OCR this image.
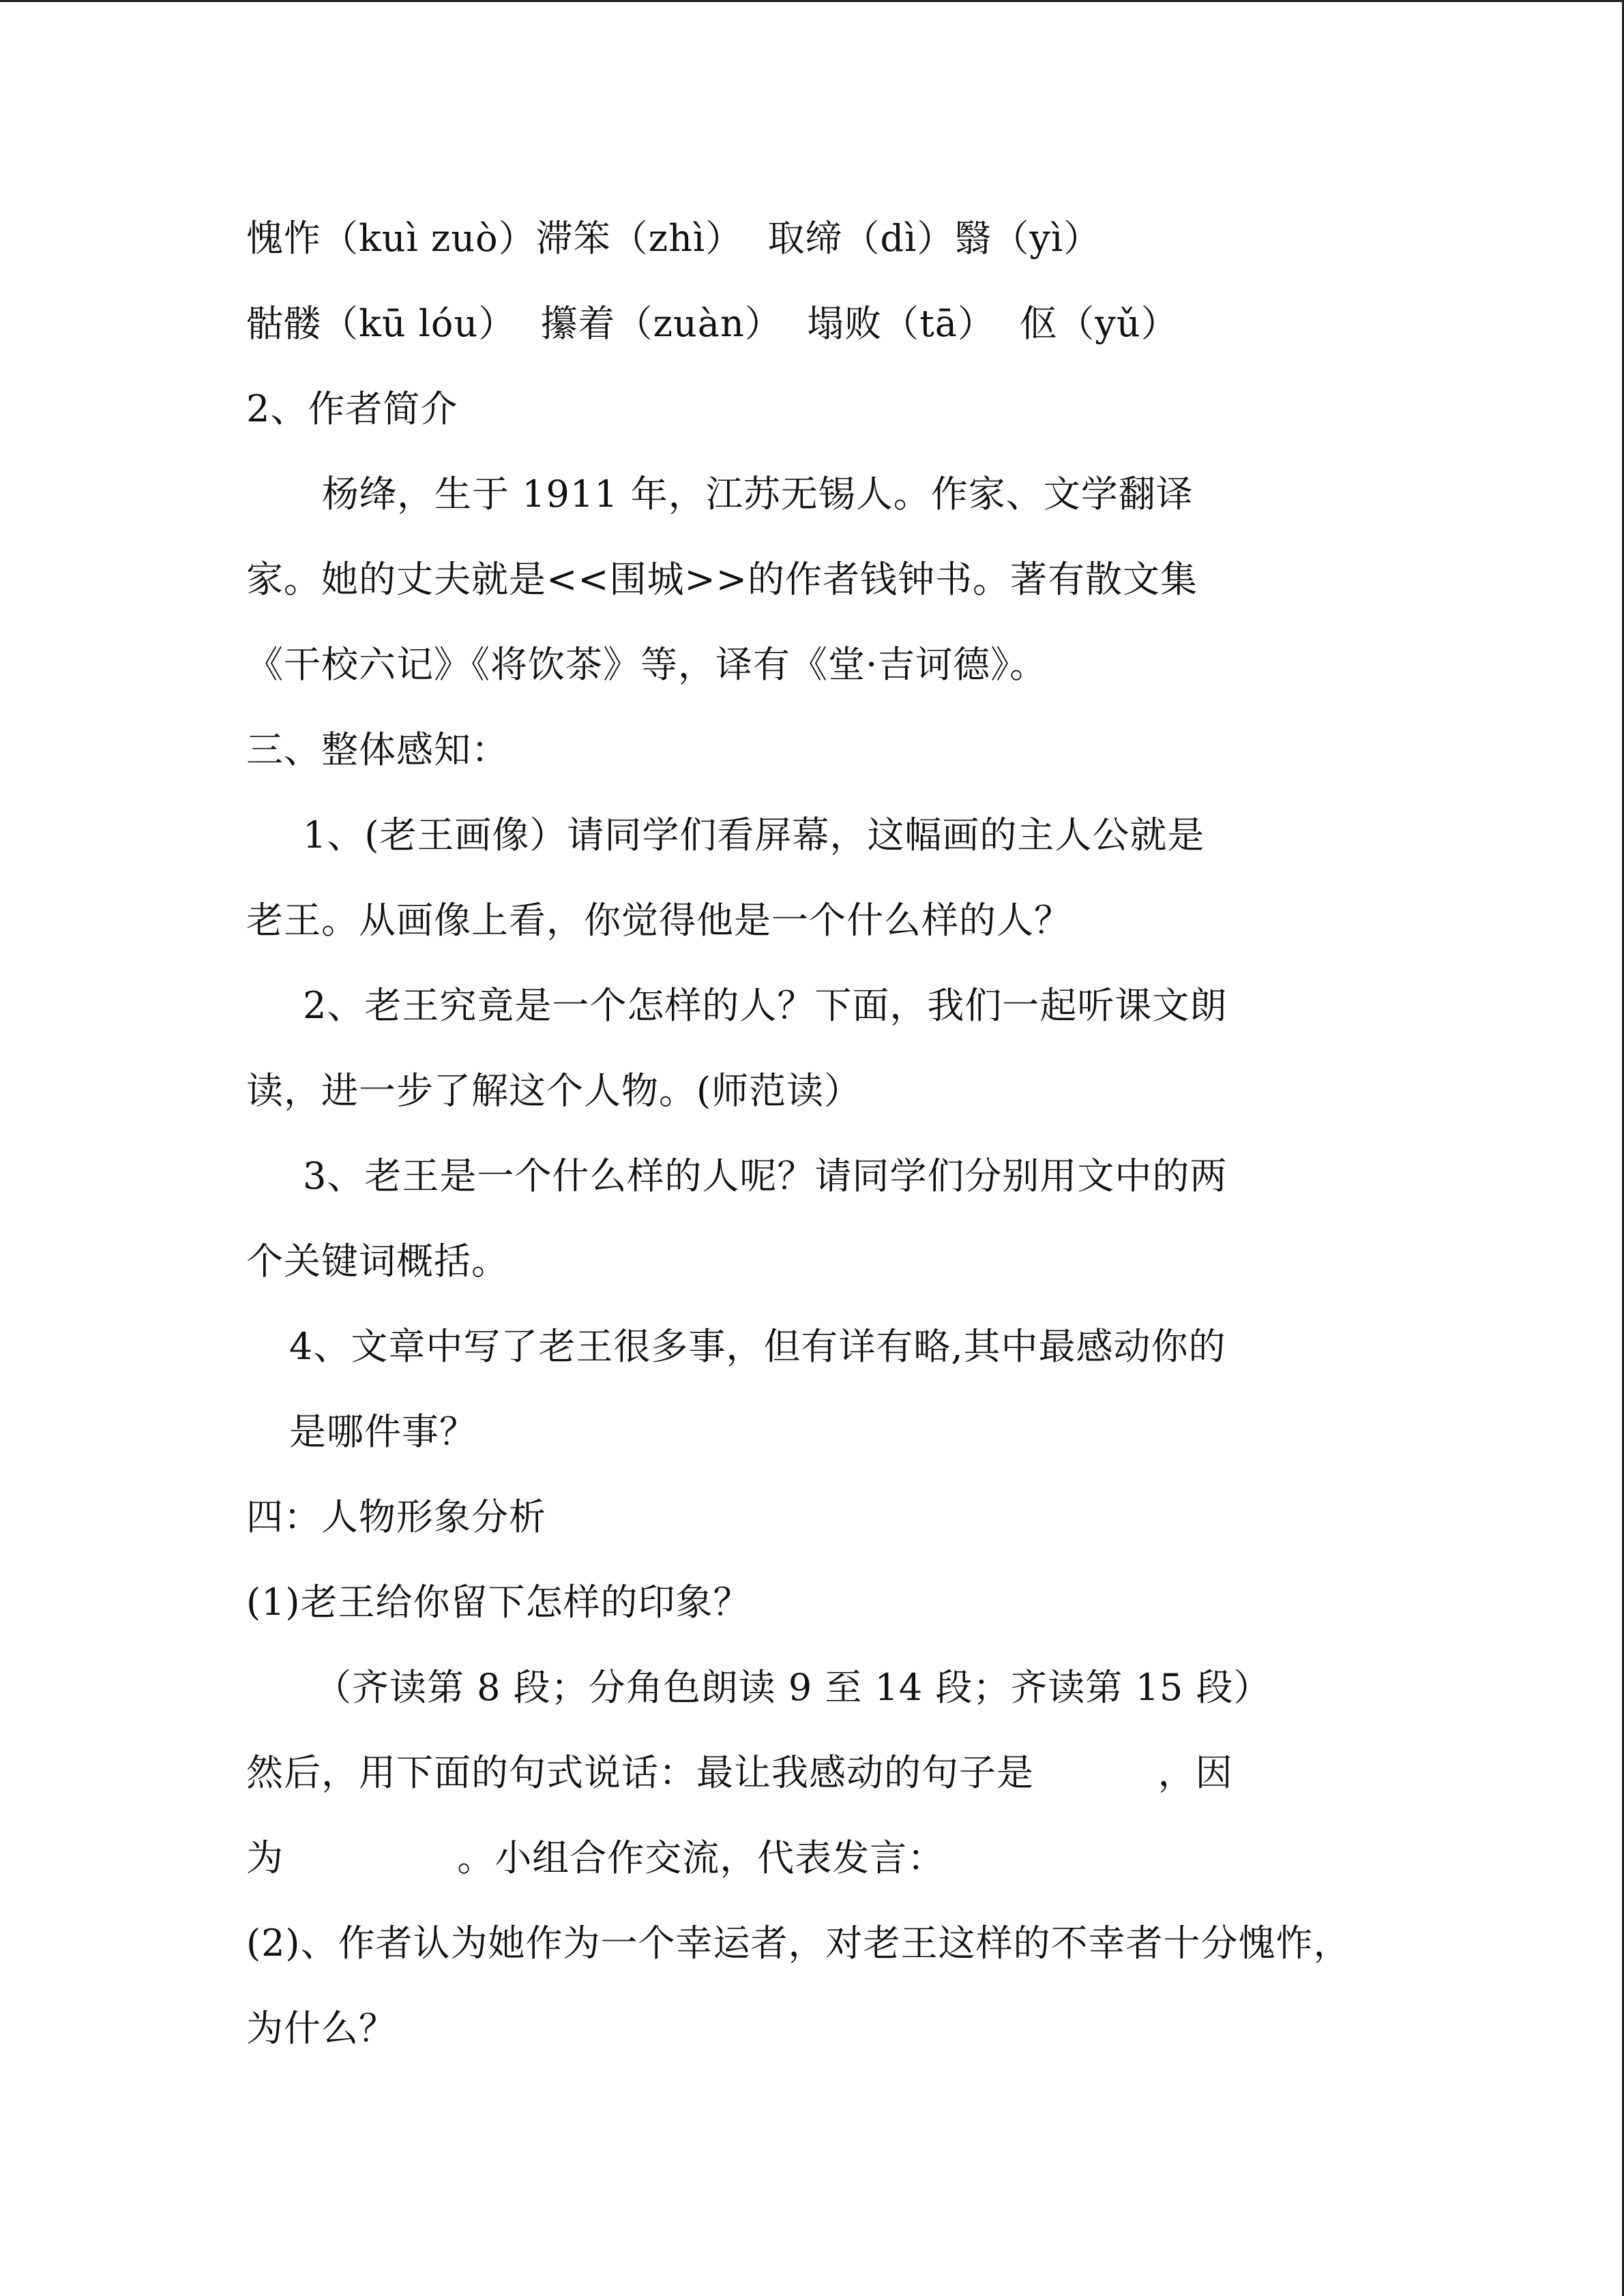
愧怍（kuì zuò）滞笨（zhì）  取缔（dì）翳（yì）
骷髅（kū lóu）  攥着（zuàn）  塌败（tā）  伛（yǔ）
2、作者简介
杨绛，生于 1911 年，江苏无锡人。作家、文学翻译
家。她的丈夫就是<<围城>>的作者钱钟书。著有散文集
《干校六记》《将饮茶》等，译有《堂·吉诃德》。
三、整体感知：
1、(老王画像）请同学们看屏幕，这幅画的主人公就是
老王。从画像上看，你觉得他是一个什么样的人？
2、老王究竟是一个怎样的人？下面，我们一起听课文朗
读，进一步了解这个人物。(师范读）
3、老王是一个什么样的人呢？请同学们分别用文中的两
个关键词概括。
4、文章中写了老王很多事，但有详有略,其中最感动你的
是哪件事？
四：人物形象分析
(1)老王给你留下怎样的印象？
（齐读第 8 段；分角色朗读 9 至 14 段；齐读第 15 段）
然后，用下面的句式说话：最让我感动的句子是          ，因
为              。小组合作交流，代表发言：
(2)、作者认为她作为一个幸运者，对老王这样的不幸者十分愧怍，
为什么？
